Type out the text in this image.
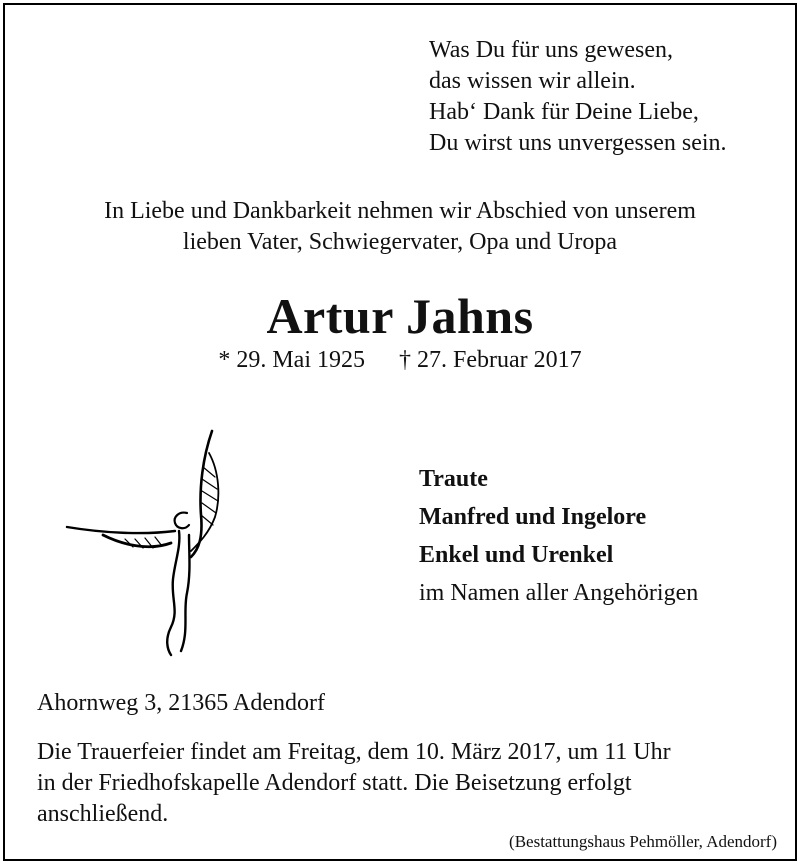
Was Du für uns gewesen,
das wissen wir allein.
Hab‘ Dank für Deine Liebe,
Du wirst uns unvergessen sein.
In Liebe und Dankbarkeit nehmen wir Abschied von unserem
lieben Vater, Schwiegervater, Opa und Uropa
Artur Jahns
* 29. Mai 1925 † 27. Februar 2017
Traute
Manfred und Ingelore
Enkel und Urenkel
im Namen aller Angehörigen
Ahornweg 3, 21365 Adendorf
Die Trauerfeier findet am Freitag, dem 10. März 2017, um 11 Uhr
in der Friedhofskapelle Adendorf statt. Die Beisetzung erfolgt
anschließend.
(Bestattungshaus Pehmöller, Adendorf)
